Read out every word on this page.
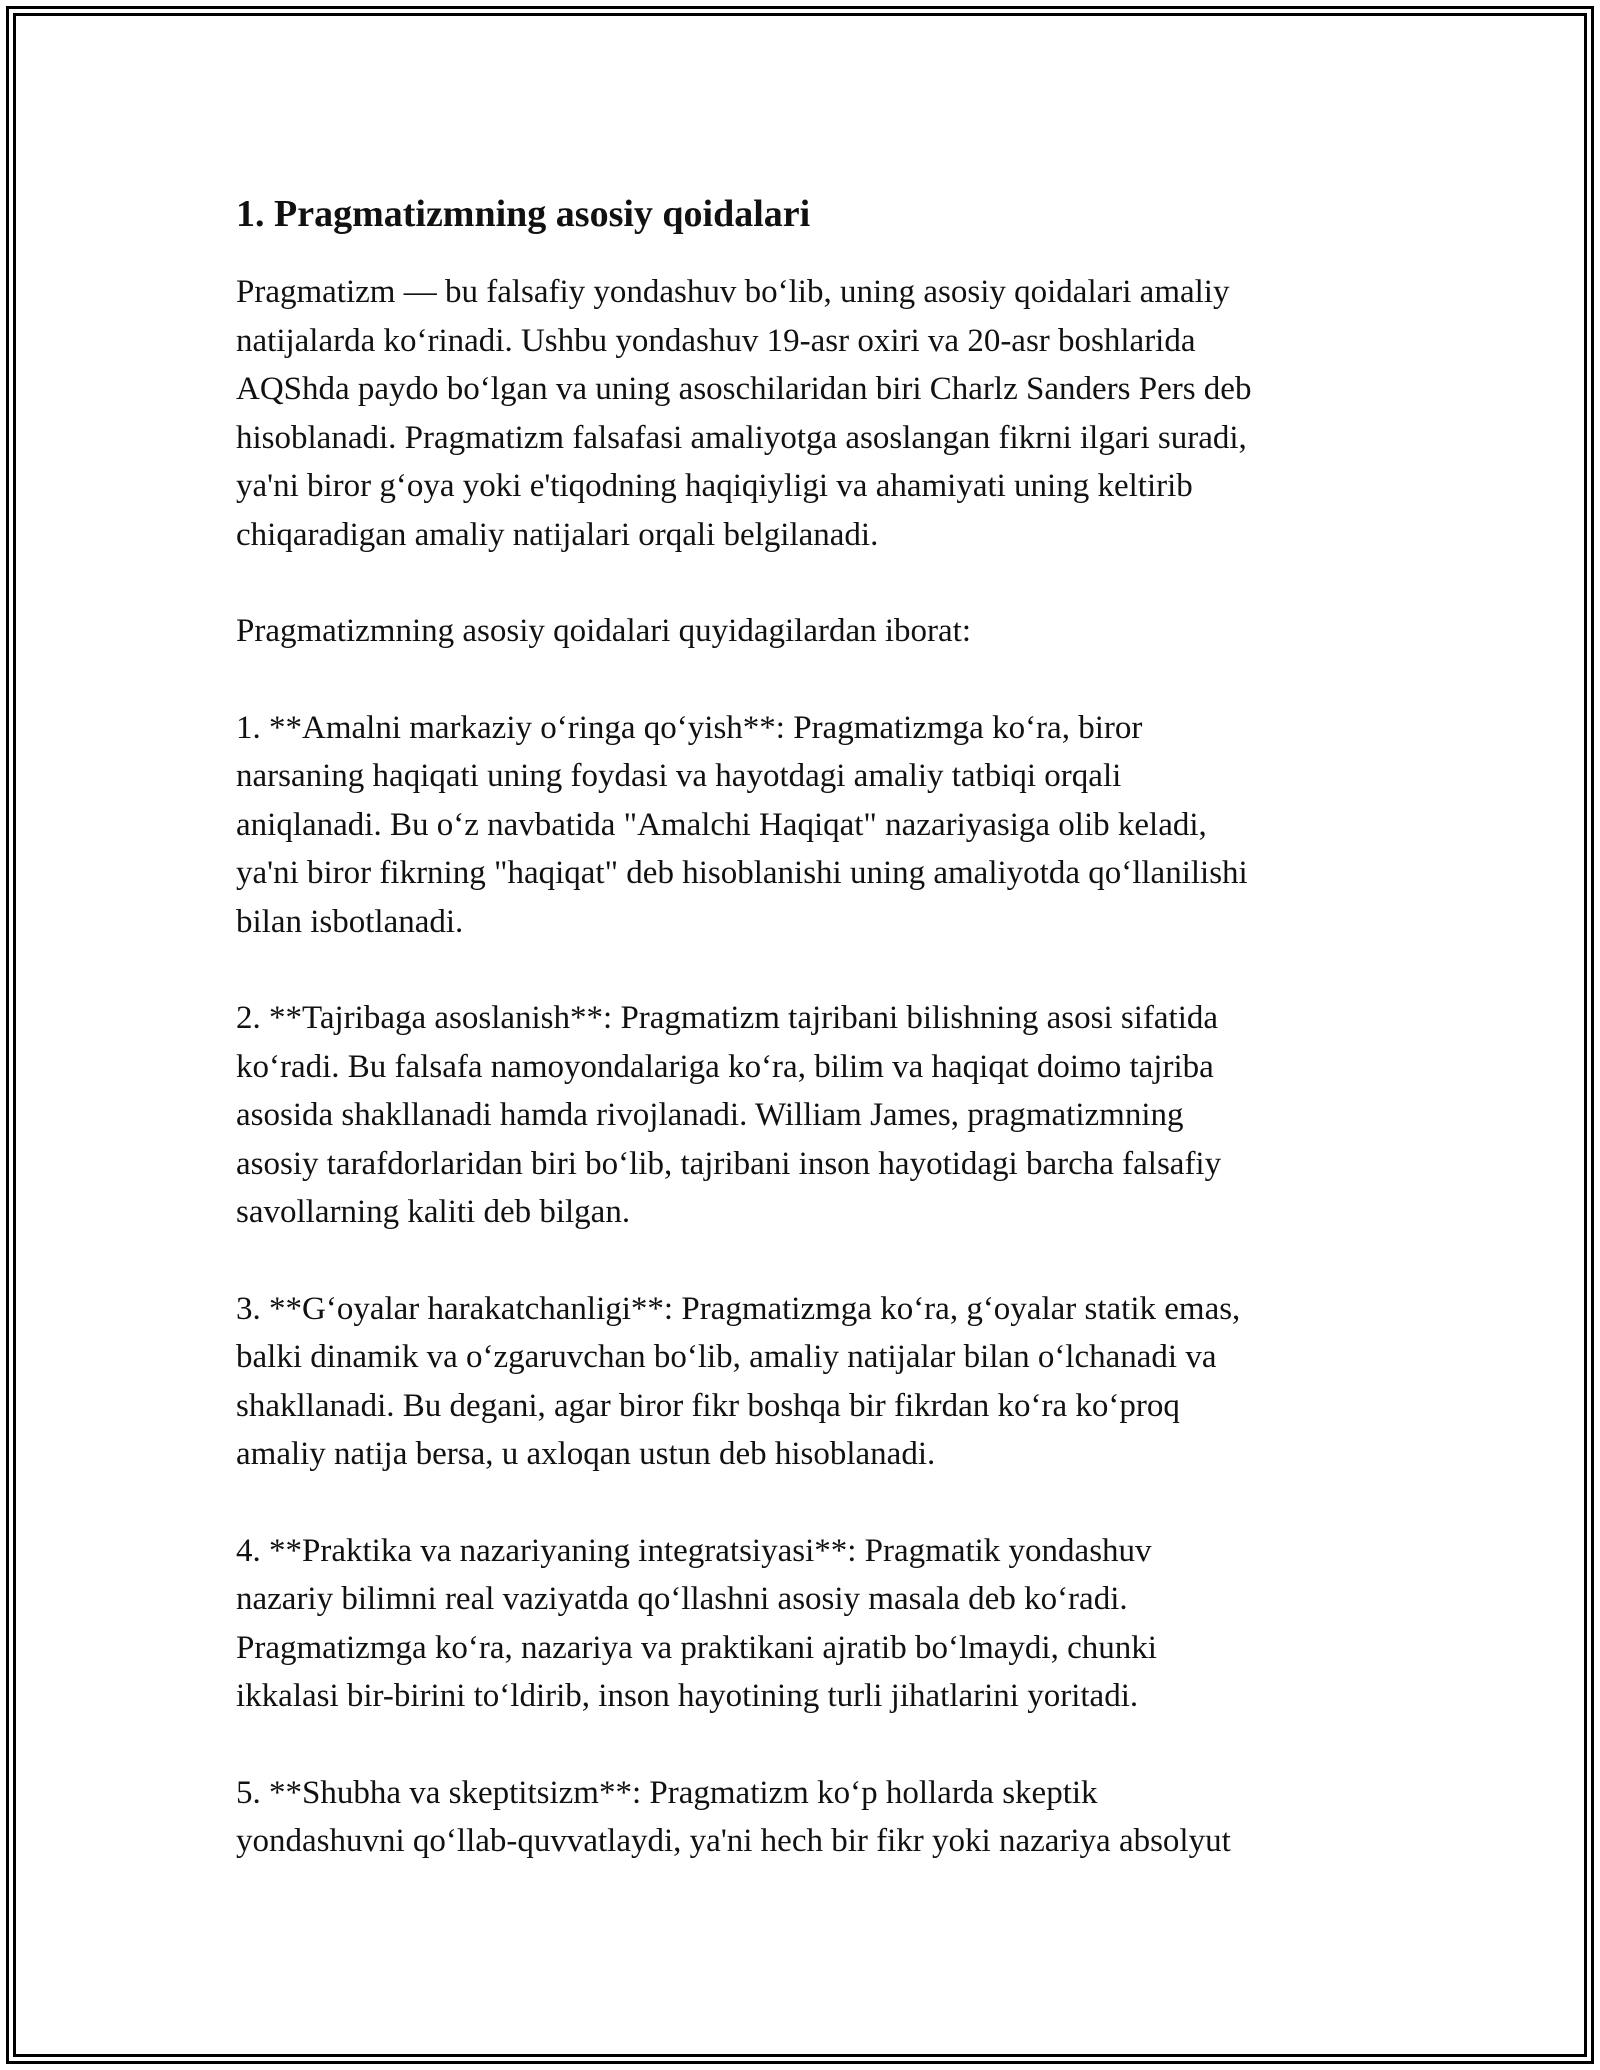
1. Pragmatizmning asosiy qoidalari

Pragmatizm — bu falsafiy yondashuv bo‘lib, uning asosiy qoidalari amaliy
natijalarda ko‘rinadi. Ushbu yondashuv 19-asr oxiri va 20-asr boshlarida
AQShda paydo bo‘lgan va uning asoschilaridan biri Charlz Sanders Pers deb
hisoblanadi. Pragmatizm falsafasi amaliyotga asoslangan fikrni ilgari suradi,
ya'ni biror g‘oya yoki e'tiqodning haqiqiyligi va ahamiyati uning keltirib
chiqaradigan amaliy natijalari orqali belgilanadi.

Pragmatizmning asosiy qoidalari quyidagilardan iborat:

1. **Amalni markaziy o‘ringa qo‘yish**: Pragmatizmga ko‘ra, biror
narsaning haqiqati uning foydasi va hayotdagi amaliy tatbiqi orqali
aniqlanadi. Bu o‘z navbatida "Amalchi Haqiqat" nazariyasiga olib keladi,
ya'ni biror fikrning "haqiqat" deb hisoblanishi uning amaliyotda qo‘llanilishi
bilan isbotlanadi.

2. **Tajribaga asoslanish**: Pragmatizm tajribani bilishning asosi sifatida
ko‘radi. Bu falsafa namoyondalariga ko‘ra, bilim va haqiqat doimo tajriba
asosida shakllanadi hamda rivojlanadi. William James, pragmatizmning
asosiy tarafdorlaridan biri bo‘lib, tajribani inson hayotidagi barcha falsafiy
savollarning kaliti deb bilgan.

3. **G‘oyalar harakatchanligi**: Pragmatizmga ko‘ra, g‘oyalar statik emas,
balki dinamik va o‘zgaruvchan bo‘lib, amaliy natijalar bilan o‘lchanadi va
shakllanadi. Bu degani, agar biror fikr boshqa bir fikrdan ko‘ra ko‘proq
amaliy natija bersa, u axloqan ustun deb hisoblanadi.

4. **Praktika va nazariyaning integratsiyasi**: Pragmatik yondashuv
nazariy bilimni real vaziyatda qo‘llashni asosiy masala deb ko‘radi.
Pragmatizmga ko‘ra, nazariya va praktikani ajratib bo‘lmaydi, chunki
ikkalasi bir-birini to‘ldirib, inson hayotining turli jihatlarini yoritadi.

5. **Shubha va skeptitsizm**: Pragmatizm ko‘p hollarda skeptik
yondashuvni qo‘llab-quvvatlaydi, ya'ni hech bir fikr yoki nazariya absolyut
